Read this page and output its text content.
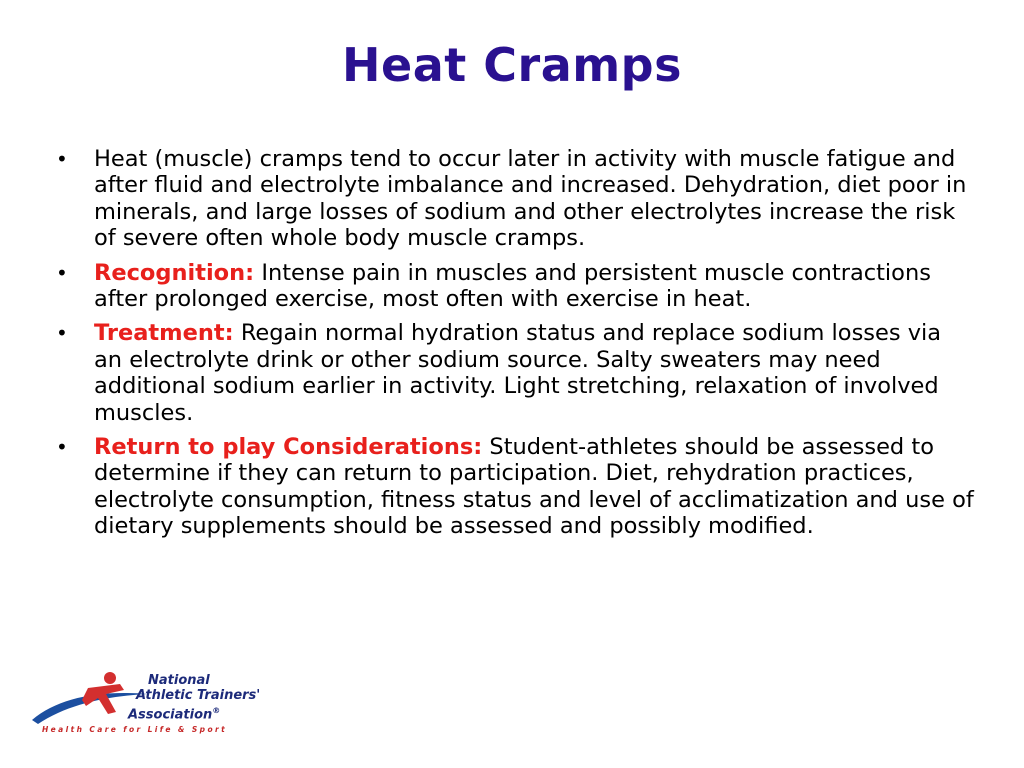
Heat Cramps
• Heat (muscle) cramps tend to occur later in activity with muscle fatigue and after fluid and electrolyte imbalance and increased. Dehydration, diet poor in minerals, and large losses of sodium and other electrolytes increase the risk of severe often whole body muscle cramps.
• Recognition: Intense pain in muscles and persistent muscle contractions after prolonged exercise, most often with exercise in heat.
• Treatment: Regain normal hydration status and replace sodium losses via an electrolyte drink or other sodium source. Salty sweaters may need additional sodium earlier in activity. Light stretching, relaxation of involved muscles.
• Return to play Considerations: Student-athletes should be assessed to determine if they can return to participation. Diet, rehydration practices, electrolyte consumption, fitness status and level of acclimatization and use of dietary supplements should be assessed and possibly modified.
National
Athletic Trainers'
Association®
Health Care for Life & Sport
